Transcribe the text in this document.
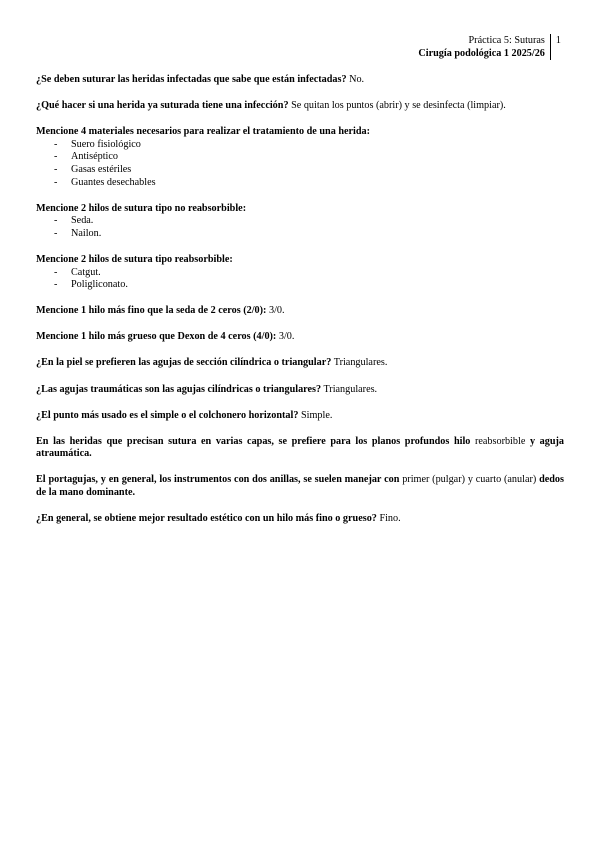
Práctica 5: Suturas
Cirugía podológica 1 2025/26
1

¿Se deben suturar las heridas infectadas que sabe que están infectadas? No.

¿Qué hacer si una herida ya suturada tiene una infección? Se quitan los puntos (abrir) y se desinfecta (limpiar).

Mencione 4 materiales necesarios para realizar el tratamiento de una herida:
- Suero fisiológico
- Antiséptico
- Gasas estériles
- Guantes desechables
Mencione 2 hilos de sutura tipo no reabsorbible:
- Seda.
- Nailon.
Mencione 2 hilos de sutura tipo reabsorbible:
- Catgut.
- Poligliconato.

Mencione 1 hilo más fino que la seda de 2 ceros (2/0): 3/0.

Mencione 1 hilo más grueso que Dexon de 4 ceros (4/0): 3/0.

¿En la piel se prefieren las agujas de sección cilíndrica o triangular? Triangulares.

¿Las agujas traumáticas son las agujas cilíndricas o triangulares? Triangulares.

¿El punto más usado es el simple o el colchonero horizontal? Simple.

En las heridas que precisan sutura en varias capas, se prefiere para los planos profundos hilo reabsorbible y aguja atraumática.

El portagujas, y en general, los instrumentos con dos anillas, se suelen manejar con primer (pulgar) y cuarto (anular) dedos de la mano dominante.

¿En general, se obtiene mejor resultado estético con un hilo más fino o grueso? Fino.
